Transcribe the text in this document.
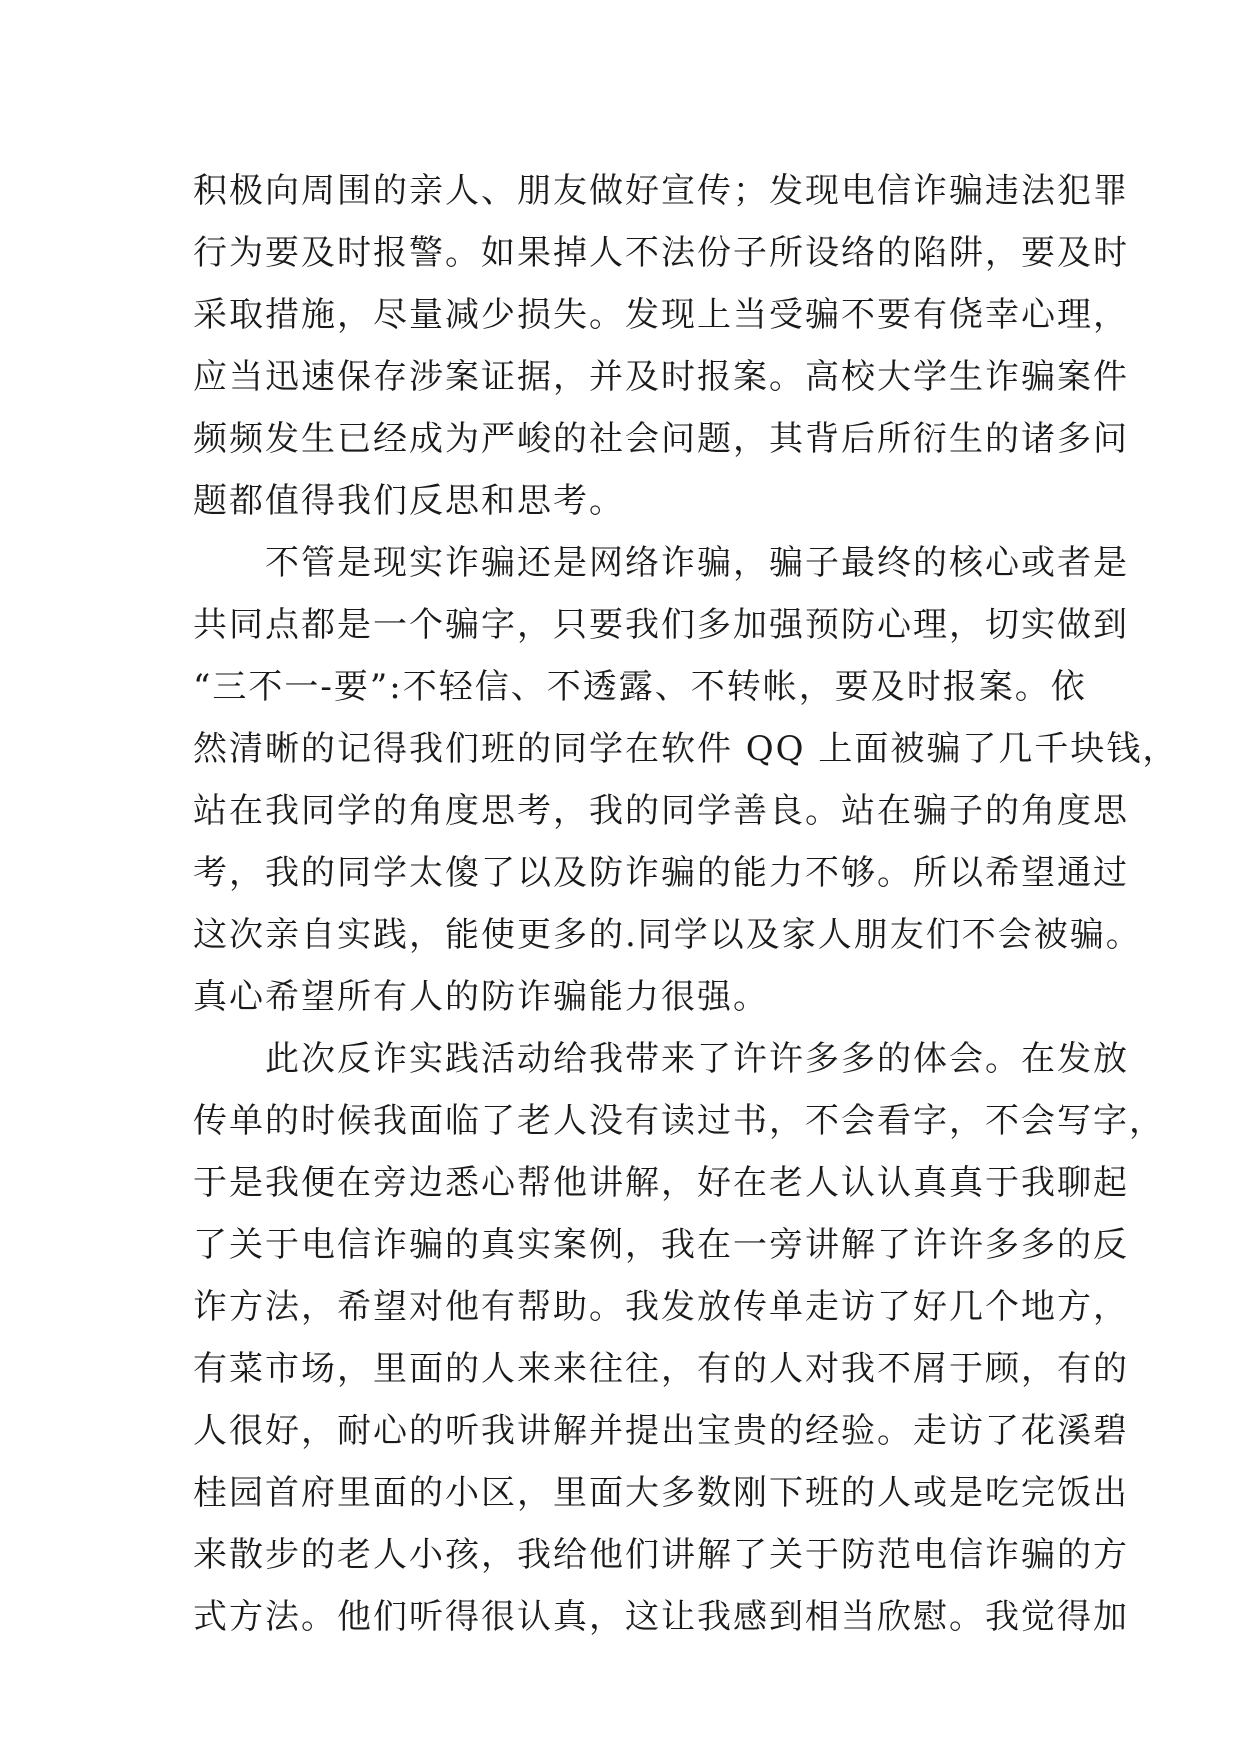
积极向周围的亲人、朋友做好宣传；发现电信诈骗违法犯罪
行为要及时报警。如果掉人不法份子所设络的陷阱，要及时
采取措施，尽量减少损失。发现上当受骗不要有侥幸心理，
应当迅速保存涉案证据，并及时报案。高校大学生诈骗案件
频频发生已经成为严峻的社会问题，其背后所衍生的诸多问
题都值得我们反思和思考。
　　不管是现实诈骗还是网络诈骗，骗子最终的核心或者是
共同点都是一个骗字，只要我们多加强预防心理，切实做到
“三不一-要”:不轻信、不透露、不转帐，要及时报案。依
然清晰的记得我们班的同学在软件 QQ 上面被骗了几千块钱，
站在我同学的角度思考，我的同学善良。站在骗子的角度思
考，我的同学太傻了以及防诈骗的能力不够。所以希望通过
这次亲自实践，能使更多的.同学以及家人朋友们不会被骗。
真心希望所有人的防诈骗能力很强。
　　此次反诈实践活动给我带来了许许多多的体会。在发放
传单的时候我面临了老人没有读过书，不会看字，不会写字，
于是我便在旁边悉心帮他讲解，好在老人认认真真于我聊起
了关于电信诈骗的真实案例，我在一旁讲解了许许多多的反
诈方法，希望对他有帮助。我发放传单走访了好几个地方，
有菜市场，里面的人来来往往，有的人对我不屑于顾，有的
人很好，耐心的听我讲解并提出宝贵的经验。走访了花溪碧
桂园首府里面的小区，里面大多数刚下班的人或是吃完饭出
来散步的老人小孩，我给他们讲解了关于防范电信诈骗的方
式方法。他们听得很认真，这让我感到相当欣慰。我觉得加
